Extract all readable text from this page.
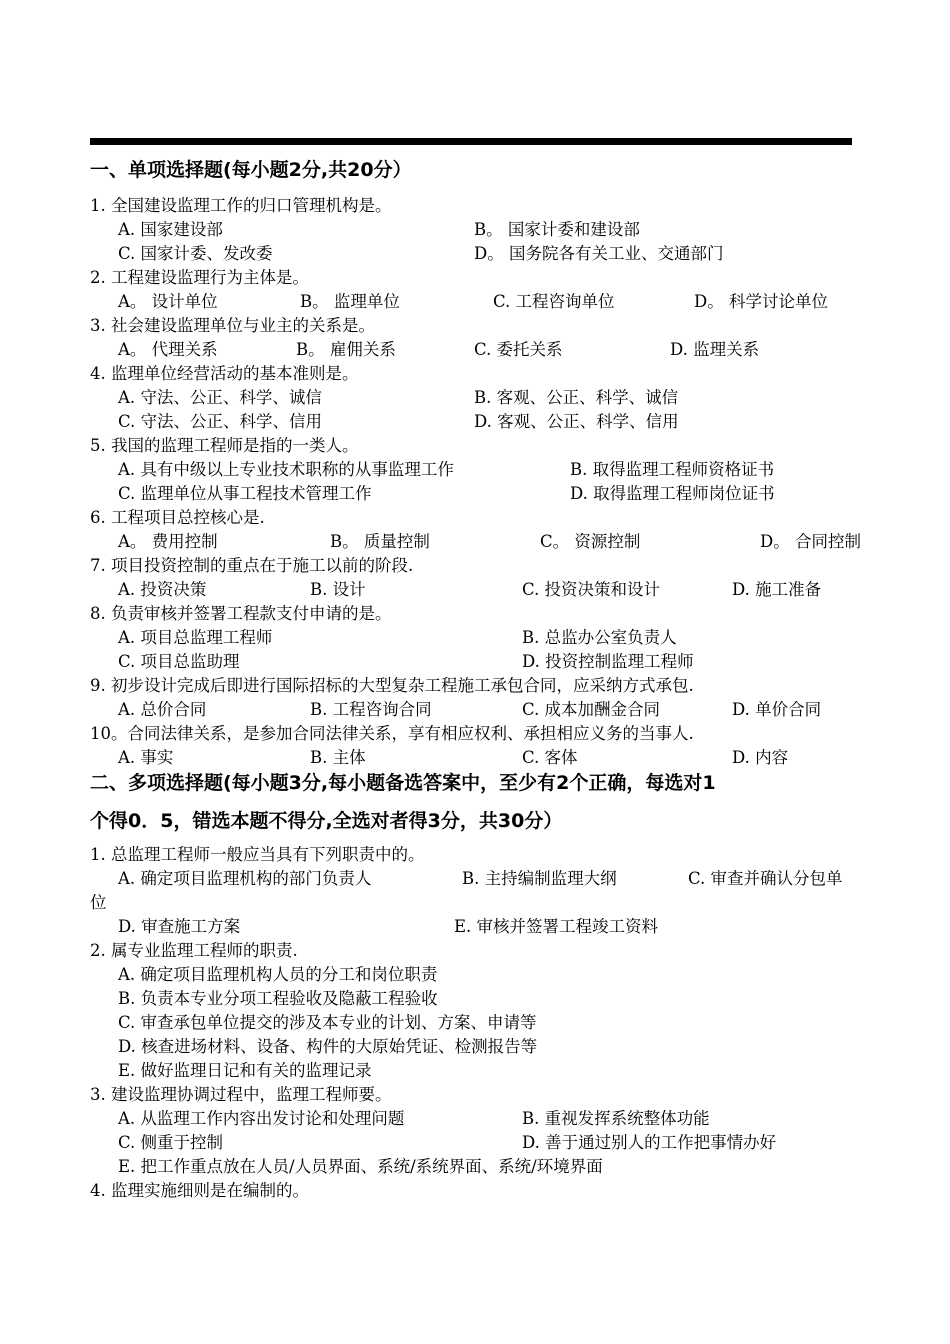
一、单项选择题(每小题2分,共20分）
1. 全国建设监理工作的归口管理机构是。
A. 国家建设部	B。 国家计委和建设部
C. 国家计委、发改委	D。 国务院各有关工业、交通部门
2. 工程建设监理行为主体是。
A。 设计单位	B。 监理单位	C. 工程咨询单位	D。 科学讨论单位
3. 社会建设监理单位与业主的关系是。
A。 代理关系	B。 雇佣关系	C. 委托关系	D. 监理关系
4. 监理单位经营活动的基本准则是。
A. 守法、公正、科学、诚信	B. 客观、公正、科学、诚信
C. 守法、公正、科学、信用	D. 客观、公正、科学、信用
5. 我国的监理工程师是指的一类人。
A. 具有中级以上专业技术职称的从事监理工作	B. 取得监理工程师资格证书
C. 监理单位从事工程技术管理工作	D. 取得监理工程师岗位证书
6. 工程项目总控核心是.
A。 费用控制	B。 质量控制	C。 资源控制	D。 合同控制
7. 项目投资控制的重点在于施工以前的阶段.
A. 投资决策	B. 设计	C. 投资决策和设计	D. 施工准备
8. 负责审核并签署工程款支付申请的是。
A. 项目总监理工程师	B. 总监办公室负责人
C. 项目总监助理	D. 投资控制监理工程师
9. 初步设计完成后即进行国际招标的大型复杂工程施工承包合同，应采纳方式承包.
A. 总价合同	B. 工程咨询合同	C. 成本加酬金合同	D. 单价合同
10。合同法律关系，是参加合同法律关系，享有相应权利、承担相应义务的当事人.
A. 事实	B. 主体	C. 客体	D. 内容
二、多项选择题(每小题3分,每小题备选答案中，至少有2个正确，每选对1
个得0．5，错选本题不得分,全选对者得3分，共30分）
1. 总监理工程师一般应当具有下列职责中的。
A. 确定项目监理机构的部门负责人	B. 主持编制监理大纲	C. 审查并确认分包单
位
D. 审查施工方案	E. 审核并签署工程竣工资料
2. 属专业监理工程师的职责.
A. 确定项目监理机构人员的分工和岗位职责
B. 负责本专业分项工程验收及隐蔽工程验收
C. 审查承包单位提交的涉及本专业的计划、方案、申请等
D. 核查进场材料、设备、构件的大原始凭证、检测报告等
E. 做好监理日记和有关的监理记录
3. 建设监理协调过程中，监理工程师要。
A. 从监理工作内容出发讨论和处理问题	B. 重视发挥系统整体功能
C. 侧重于控制	D. 善于通过别人的工作把事情办好
E. 把工作重点放在人员/人员界面、系统/系统界面、系统/环境界面
4. 监理实施细则是在编制的。
